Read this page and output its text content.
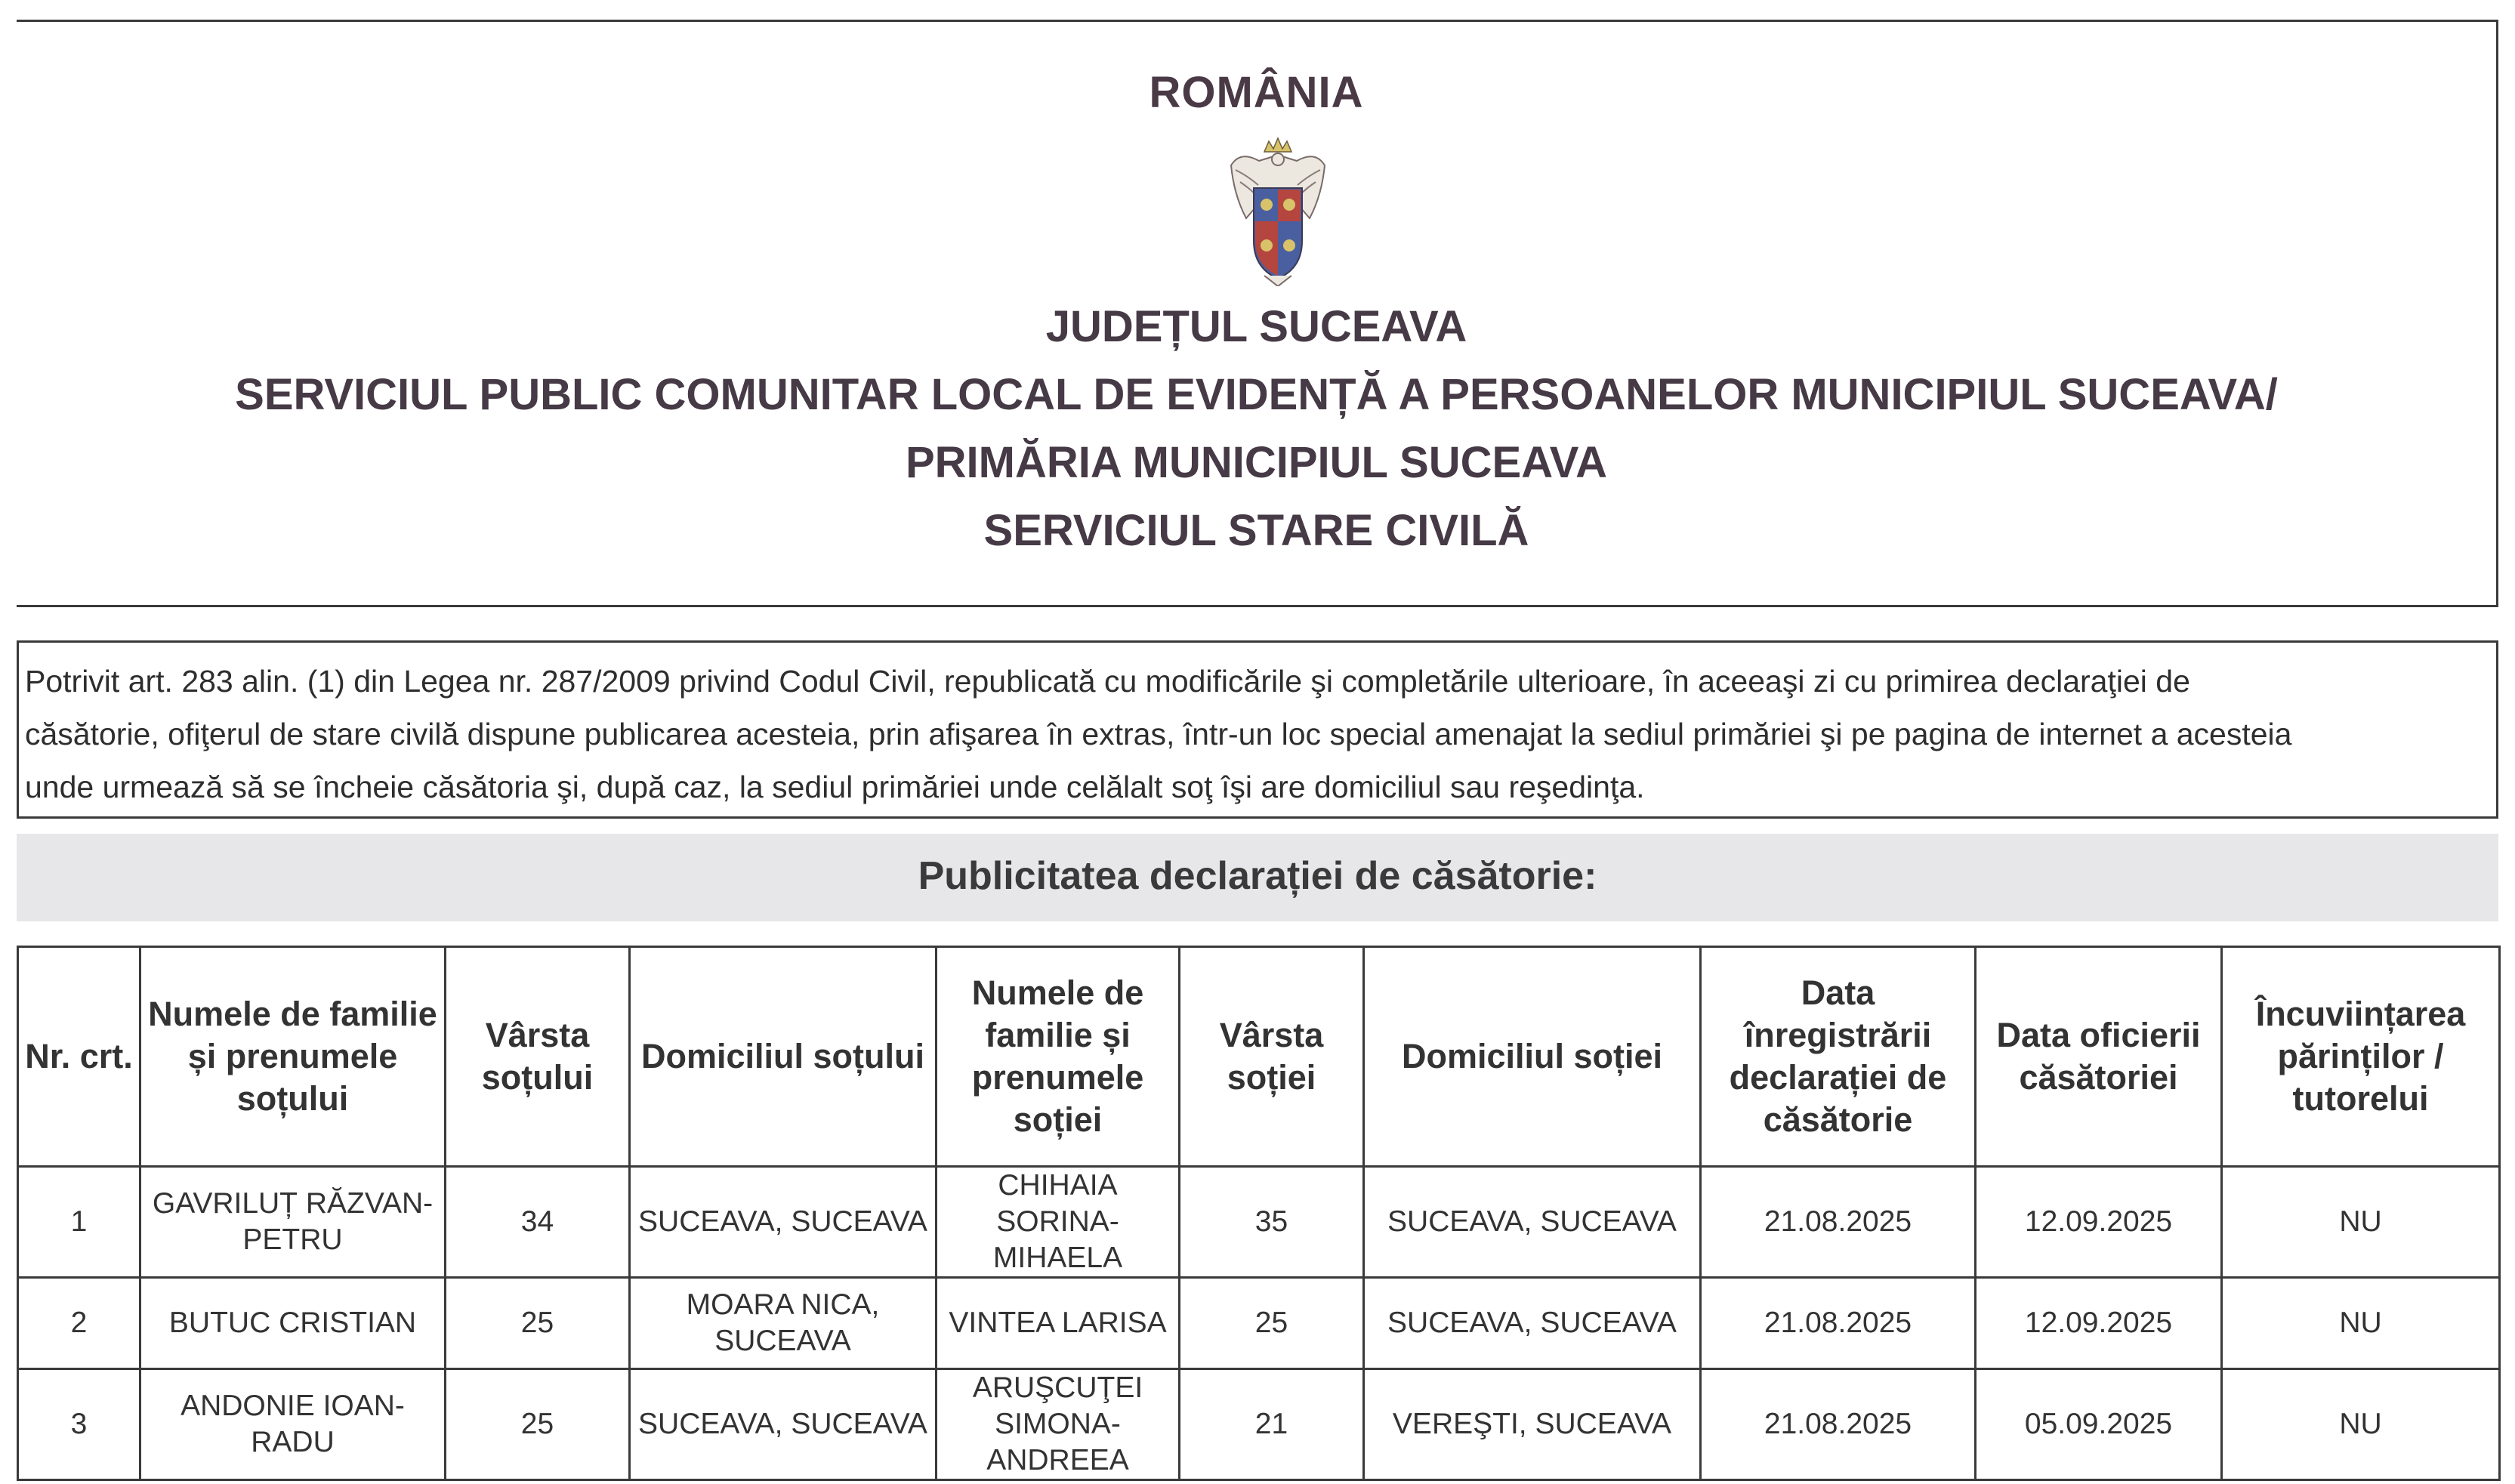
ROMÂNIA
JUDEȚUL SUCEAVA
SERVICIUL PUBLIC COMUNITAR LOCAL DE EVIDENȚĂ A PERSOANELOR MUNICIPIUL SUCEAVA/
PRIMĂRIA MUNICIPIUL SUCEAVA
SERVICIUL STARE CIVILĂ
Potrivit art. 283 alin. (1) din Legea nr. 287/2009 privind Codul Civil, republicată cu modificările şi completările ulterioare, în aceeaşi zi cu primirea declaraţiei de
căsătorie, ofiţerul de stare civilă dispune publicarea acesteia, prin afişarea în extras, într-un loc special amenajat la sediul primăriei şi pe pagina de internet a acesteia
unde urmează să se încheie căsătoria şi, după caz, la sediul primăriei unde celălalt soţ îşi are domiciliul sau reşedinţa.
Publicitatea declarației de căsătorie:
Nr. crt.	Numele de familie și prenumele soțului	Vârsta soțului	Domiciliul soțului	Numele de familie și prenumele soției	Vârsta soției	Domiciliul soției	Data înregistrării declarației de căsătorie	Data oficierii căsătoriei	Încuviințarea părinților / tutorelui
1	GAVRILUȚ RĂZVAN-PETRU	34	SUCEAVA, SUCEAVA	CHIHAIA SORINA-MIHAELA	35	SUCEAVA, SUCEAVA	21.08.2025	12.09.2025	NU
2	BUTUC CRISTIAN	25	MOARA NICA, SUCEAVA	VINTEA LARISA	25	SUCEAVA, SUCEAVA	21.08.2025	12.09.2025	NU
3	ANDONIE IOAN-RADU	25	SUCEAVA, SUCEAVA	ARUŞCUŢEI SIMONA-ANDREEA	21	VEREŞTI, SUCEAVA	21.08.2025	05.09.2025	NU
